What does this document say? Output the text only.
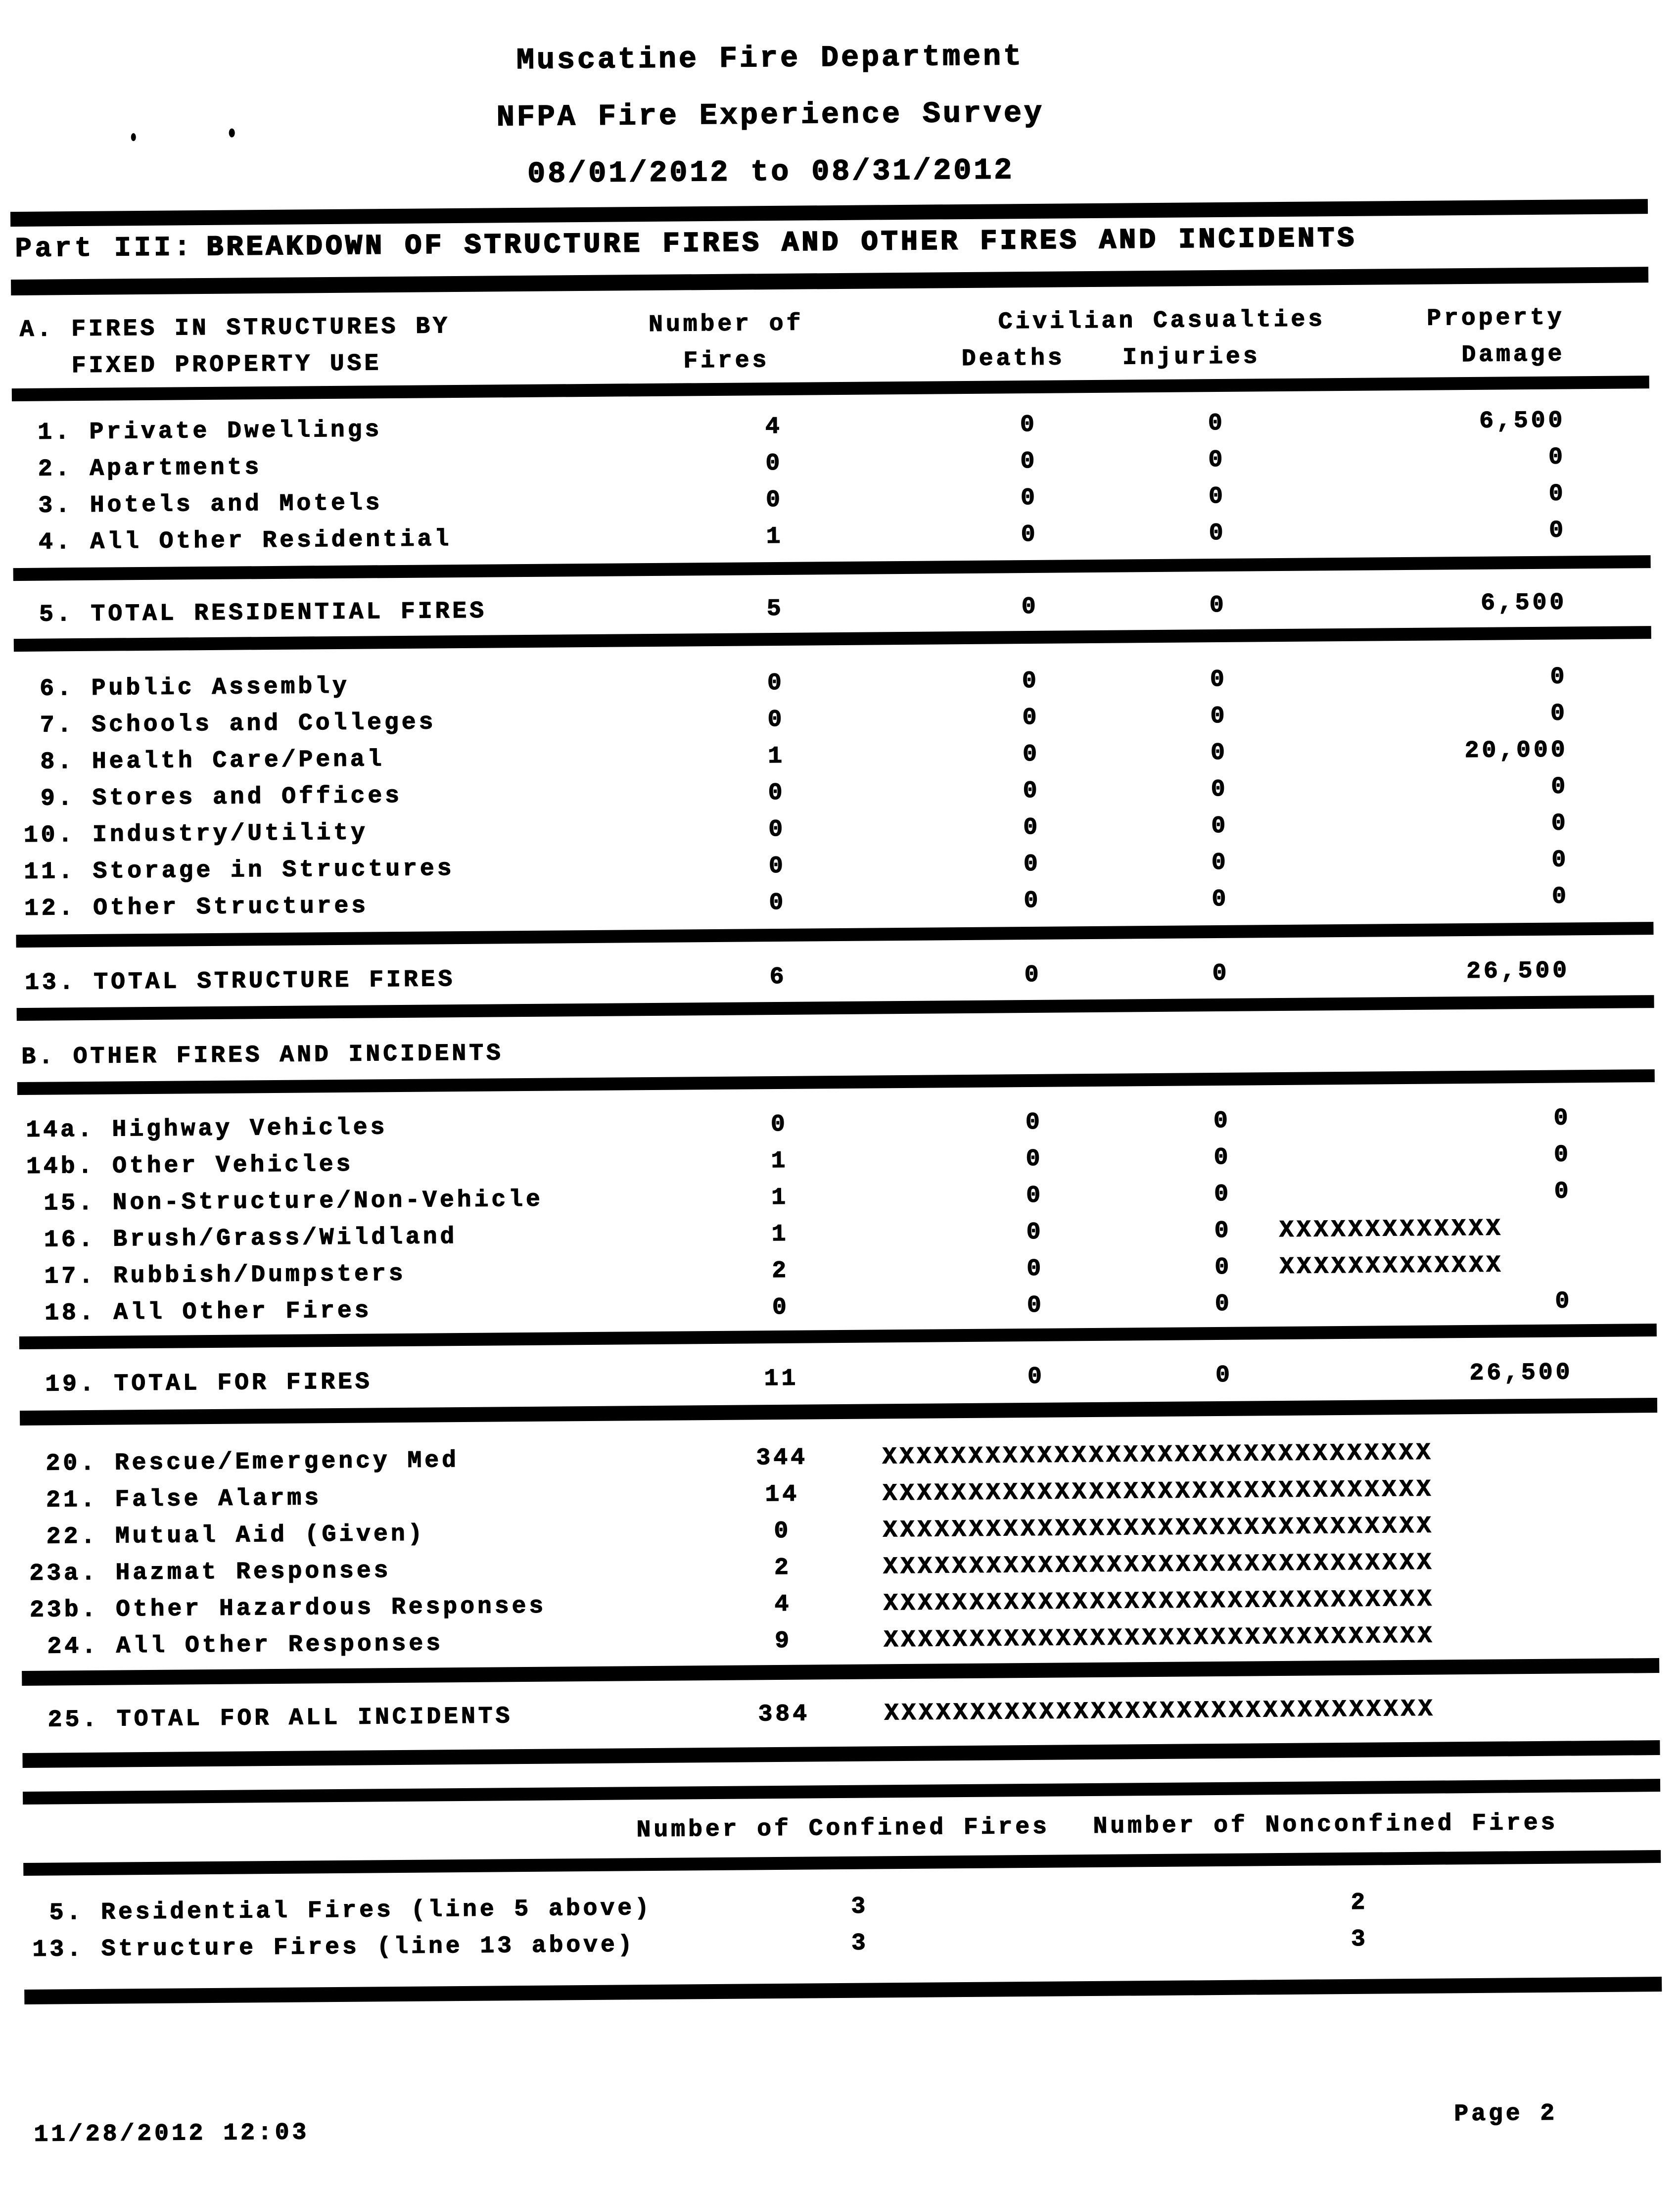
Muscatine Fire Department
NFPA Fire Experience Survey
08/01/2012 to 08/31/2012
Part III: BREAKDOWN OF STRUCTURE FIRES AND OTHER FIRES AND INCIDENTS
A. FIRES IN STRUCTURES BY
FIXED PROPERTY USE
Number of
Fires
Civilian Casualties
Deaths	Injuries
Property
Damage
1. Private Dwellings	4	0	0	6,500
2. Apartments	0	0	0	0
3. Hotels and Motels	0	0	0	0
4. All Other Residential	1	0	0	0
5. TOTAL RESIDENTIAL FIRES	5	0	0	6,500
6. Public Assembly	0	0	0	0
7. Schools and Colleges	0	0	0	0
8. Health Care/Penal	1	0	0	20,000
9. Stores and Offices	0	0	0	0
10. Industry/Utility	0	0	0	0
11. Storage in Structures	0	0	0	0
12. Other Structures	0	0	0	0
13. TOTAL STRUCTURE FIRES	6	0	0	26,500
B. OTHER FIRES AND INCIDENTS
14a. Highway Vehicles	0	0	0	0
14b. Other Vehicles	1	0	0	0
15. Non-Structure/Non-Vehicle	1	0	0	0
16. Brush/Grass/Wildland	1	0	0	XXXXXXXXXXXXX
17. Rubbish/Dumpsters	2	0	0	XXXXXXXXXXXXX
18. All Other Fires	0	0	0	0
19. TOTAL FOR FIRES	11	0	0	26,500
20. Rescue/Emergency Med	344	XXXXXXXXXXXXXXXXXXXXXXXXXXXXXXXX
21. False Alarms	14	XXXXXXXXXXXXXXXXXXXXXXXXXXXXXXXX
22. Mutual Aid (Given)	0	XXXXXXXXXXXXXXXXXXXXXXXXXXXXXXXX
23a. Hazmat Responses	2	XXXXXXXXXXXXXXXXXXXXXXXXXXXXXXXX
23b. Other Hazardous Responses	4	XXXXXXXXXXXXXXXXXXXXXXXXXXXXXXXX
24. All Other Responses	9	XXXXXXXXXXXXXXXXXXXXXXXXXXXXXXXX
25. TOTAL FOR ALL INCIDENTS	384	XXXXXXXXXXXXXXXXXXXXXXXXXXXXXXXX
Number of Confined Fires Number of Nonconfined Fires
5. Residential Fires (line 5 above)	3	2
13. Structure Fires (line 13 above)	3	3
11/28/2012 12:03
Page 2
